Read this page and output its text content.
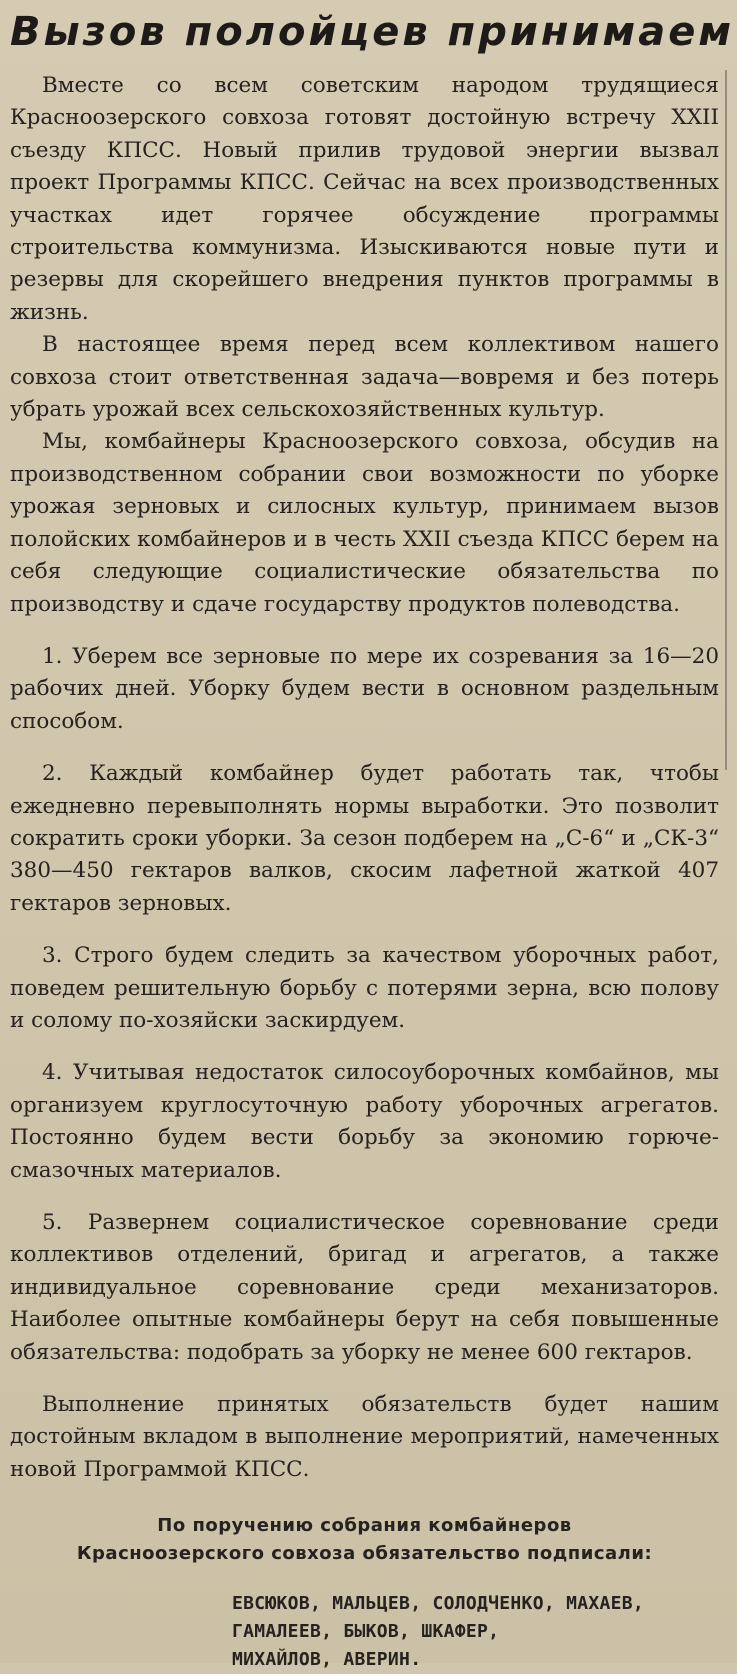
Вызов полойцев принимаем

Вместе со всем советским народом трудящиеся Красноозерского совхоза готовят достойную встречу XXII съезду КПСС. Новый прилив трудовой энергии вызвал проект Программы КПСС. Сейчас на всех производственных участках идет горячее обсуждение программы строительства коммунизма. Изыскиваются новые пути и резервы для скорейшего внедрения пунктов программы в жизнь.

В настоящее время перед всем коллективом нашего совхоза стоит ответственная задача—вовремя и без потерь убрать урожай всех сельскохозяйственных культур.

Мы, комбайнеры Красноозерского совхоза, обсудив на производственном собрании свои возможности по уборке урожая зерновых и силосных культур, принимаем вызов полойских комбайнеров и в честь XXII съезда КПСС берем на себя следующие социалистические обязательства по производству и сдаче государству продуктов полеводства.

1. Уберем все зерновые по мере их созревания за 16—20 рабочих дней. Уборку будем вести в основном раздельным способом.

2. Каждый комбайнер будет работать так, чтобы ежедневно перевыполнять нормы выработки. Это позволит сократить сроки уборки. За сезон подберем на „С-6“ и „СК-3“ 380—450 гектаров валков, скосим лафетной жаткой 407 гектаров зерновых.

3. Строго будем следить за качеством уборочных работ, поведем решительную борьбу с потерями зерна, всю полову и солому по-хозяйски заскирдуем.

4. Учитывая недостаток силосоуборочных комбайнов, мы организуем круглосуточную работу уборочных агрегатов. Постоянно будем вести борьбу за экономию горюче-смазочных материалов.

5. Развернем социалистическое соревнование среди коллективов отделений, бригад и агрегатов, а также индивидуальное соревнование среди механизаторов. Наиболее опытные комбайнеры берут на себя повышенные обязательства: подобрать за уборку не менее 600 гектаров.

Выполнение принятых обязательств будет нашим достойным вкладом в выполнение мероприятий, намеченных новой Программой КПСС.

По поручению собрания комбайнеров
Красноозерского совхоза обязательство подписали:
ЕВСЮКОВ, МАЛЬЦЕВ, СОЛОДЧЕНКО, МАХАЕВ,
ГАМАЛЕЕВ, БЫКОВ, ШКАФЕР,
МИХАЙЛОВ, АВЕРИН.
